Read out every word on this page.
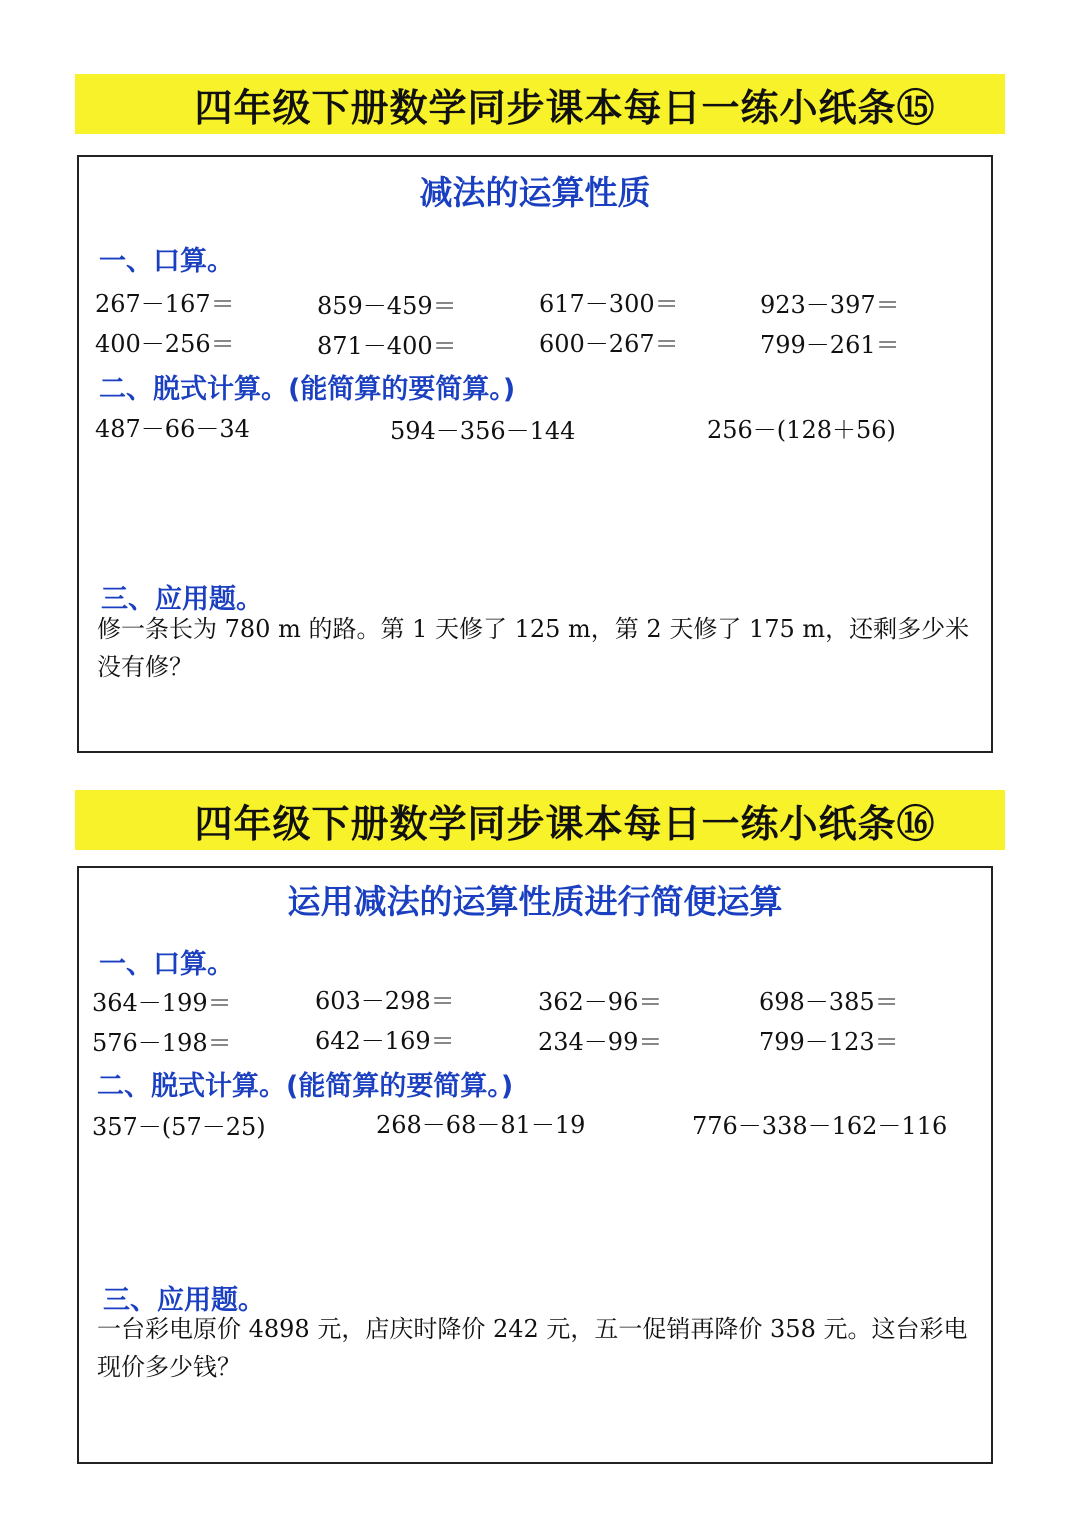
四年级下册数学同步课本每日一练小纸条⑮
减法的运算性质
一、口算。
267－167＝	859－459＝	617－300＝	923－397＝
400－256＝	871－400＝	600－267＝	799－261＝
二、脱式计算。(能简算的要简算。)
487－66－34	594－356－144	256－(128＋56)
三、应用题。
修一条长为 780 m 的路。第 1 天修了 125 m，第 2 天修了 175 m，还剩多少米没有修？
四年级下册数学同步课本每日一练小纸条⑯
运用减法的运算性质进行简便运算
一、口算。
364－199＝	603－298＝	362－96＝	698－385＝
576－198＝	642－169＝	234－99＝	799－123＝
二、脱式计算。(能简算的要简算。)
357－(57－25)	268－68－81－19	776－338－162－116
三、应用题。
一台彩电原价 4898 元，店庆时降价 242 元，五一促销再降价 358 元。这台彩电现价多少钱？
